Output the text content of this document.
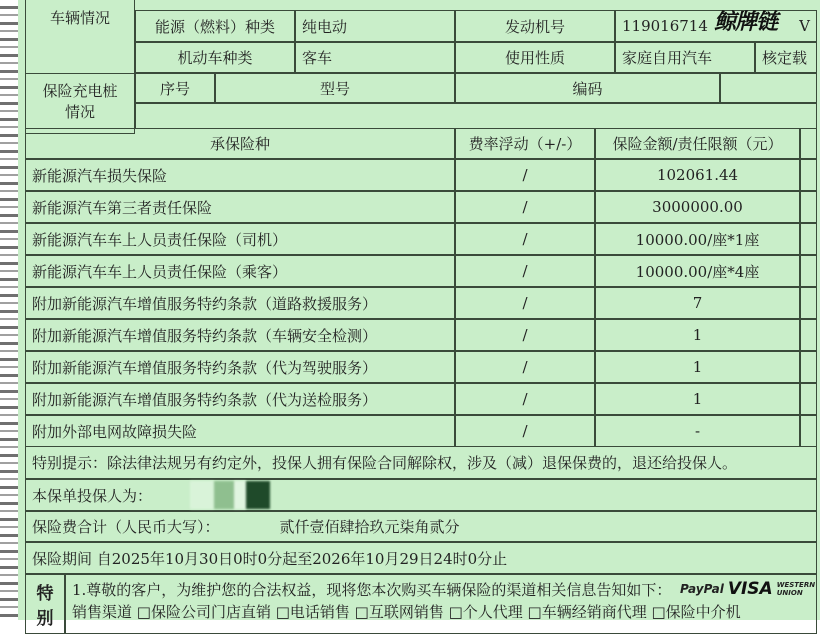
车辆情况	能源（燃料）种类	纯电动	发动机号	119016714	V
机动车种类	客车	使用性质	家庭自用汽车	核定载
保险充电桩情况
序号	型号	编码
承保险种	费率浮动（+/-）	保险金额/责任限额（元）
新能源汽车损失保险	/	102061.44
新能源汽车第三者责任保险	/	3000000.00
新能源汽车车上人员责任保险（司机）	/	10000.00/座*1座
新能源汽车车上人员责任保险（乘客）	/	10000.00/座*4座
附加新能源汽车增值服务特约条款（道路救援服务）	/	7
附加新能源汽车增值服务特约条款（车辆安全检测）	/	1
附加新能源汽车增值服务特约条款（代为驾驶服务）	/	1
附加新能源汽车增值服务特约条款（代为送检服务）	/	1
附加外部电网故障损失险	/	-
特别提示：除法律法规另有约定外，投保人拥有保险合同解除权，涉及（减）退保保费的，退还给投保人。
本保单投保人为：
保险费合计（人民币大写）：	贰仟壹佰肆拾玖元柒角贰分
保险期间 自2025年10月30日0时0分起至2026年10月29日24时0分止
特别
1.尊敬的客户，为维护您的合法权益，现将您本次购买车辆保险的渠道相关信息告知如下：
销售渠道 □保险公司门店直销 □电话销售 □互联网销售 □个人代理 □车辆经销商代理 □保险中介机
鲸牌链
PayPal VISA WESTERN UNION
